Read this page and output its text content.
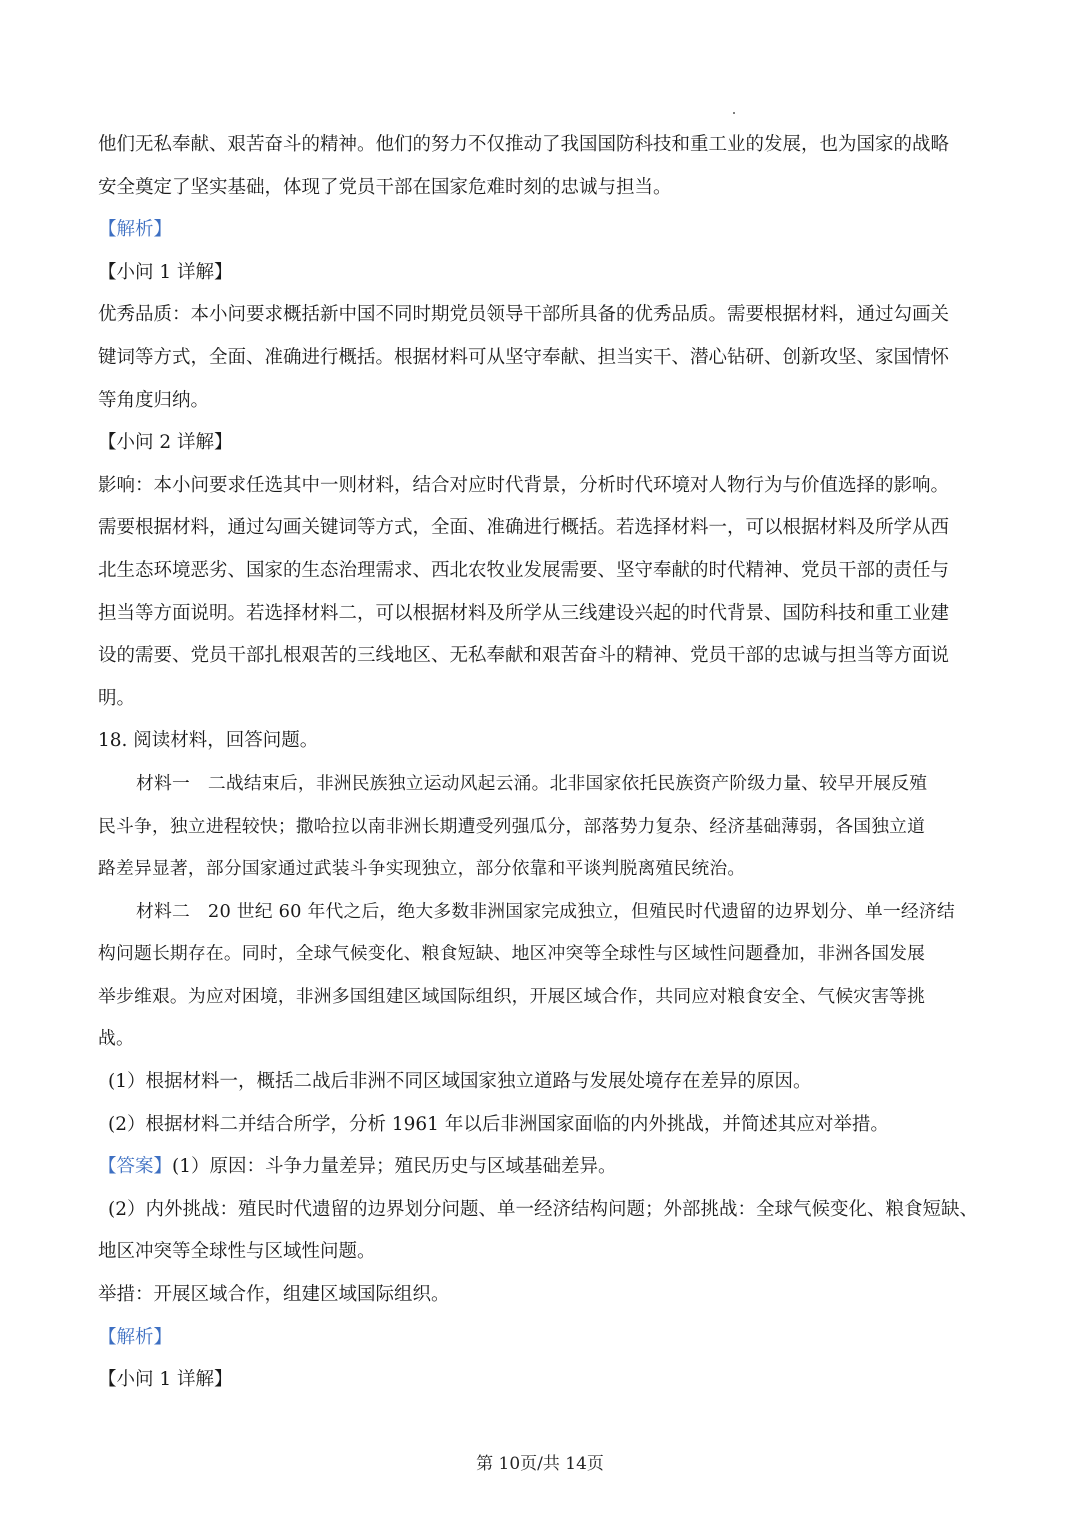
他们无私奉献、艰苦奋斗的精神。他们的努力不仅推动了我国国防科技和重工业的发展，也为国家的战略
安全奠定了坚实基础，体现了党员干部在国家危难时刻的忠诚与担当。
【解析】
【小问 1 详解】
优秀品质：本小问要求概括新中国不同时期党员领导干部所具备的优秀品质。需要根据材料，通过勾画关
键词等方式，全面、准确进行概括。根据材料可从坚守奉献、担当实干、潜心钻研、创新攻坚、家国情怀
等角度归纳。
【小问 2 详解】
影响：本小问要求任选其中一则材料，结合对应时代背景，分析时代环境对人物行为与价值选择的影响。
需要根据材料，通过勾画关键词等方式，全面、准确进行概括。若选择材料一，可以根据材料及所学从西
北生态环境恶劣、国家的生态治理需求、西北农牧业发展需要、坚守奉献的时代精神、党员干部的责任与
担当等方面说明。若选择材料二，可以根据材料及所学从三线建设兴起的时代背景、国防科技和重工业建
设的需要、党员干部扎根艰苦的三线地区、无私奉献和艰苦奋斗的精神、党员干部的忠诚与担当等方面说
明。
18. 阅读材料，回答问题。
材料一　二战结束后，非洲民族独立运动风起云涌。北非国家依托民族资产阶级力量、较早开展反殖
民斗争，独立进程较快；撒哈拉以南非洲长期遭受列强瓜分，部落势力复杂、经济基础薄弱，各国独立道
路差异显著，部分国家通过武装斗争实现独立，部分依靠和平谈判脱离殖民统治。
材料二　20 世纪 60 年代之后，绝大多数非洲国家完成独立，但殖民时代遗留的边界划分、单一经济结
构问题长期存在。同时，全球气候变化、粮食短缺、地区冲突等全球性与区域性问题叠加，非洲各国发展
举步维艰。为应对困境，非洲多国组建区域国际组织，开展区域合作，共同应对粮食安全、气候灾害等挑
战。
(1）根据材料一，概括二战后非洲不同区域国家独立道路与发展处境存在差异的原因。
(2）根据材料二并结合所学，分析 1961 年以后非洲国家面临的内外挑战，并简述其应对举措。
【答案】(1）原因：斗争力量差异；殖民历史与区域基础差异。
(2）内外挑战：殖民时代遗留的边界划分问题、单一经济结构问题；外部挑战：全球气候变化、粮食短缺、
地区冲突等全球性与区域性问题。
举措：开展区域合作，组建区域国际组织。
【解析】
【小问 1 详解】
第 10页/共 14页
